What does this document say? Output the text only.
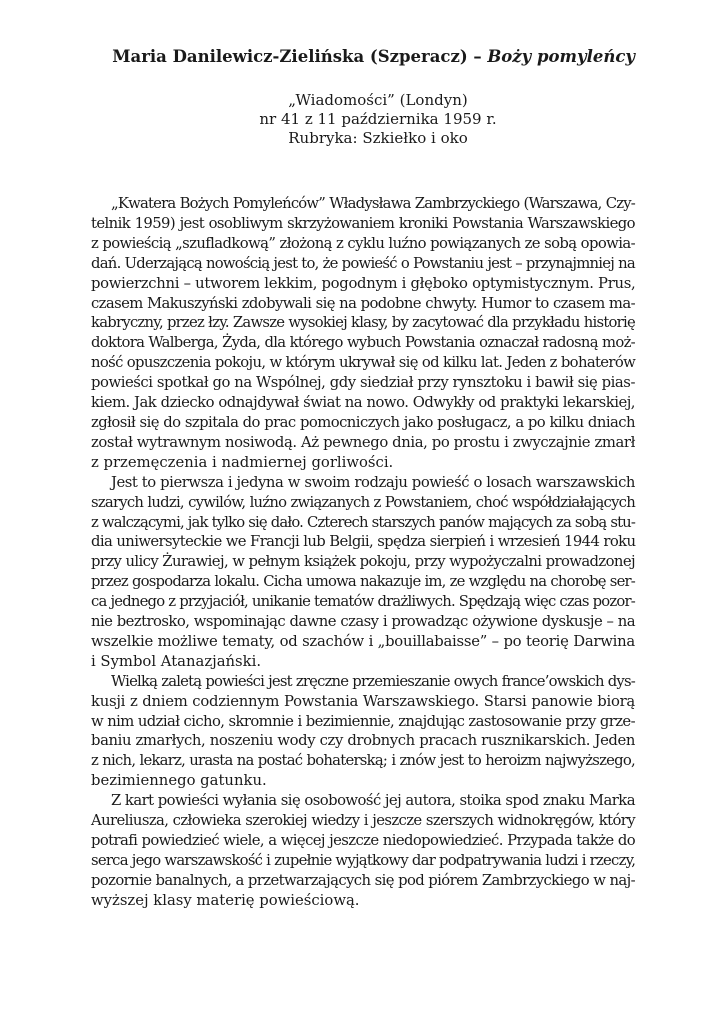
Maria Danilewicz-Zielińska (Szperacz) – Boży pomyleńcy
„Wiadomości” (Londyn)
nr 41 z 11 października 1959 r.
Rubryka: Szkiełko i oko

„Kwatera Bożych Pomyleńców” Władysława Zambrzyckiego (Warszawa, Czy-
telnik 1959) jest osobliwym skrzyżowaniem kroniki Powstania Warszawskiego
z powieścią „szufladkową” złożoną z cyklu luźno powiązanych ze sobą opowia-
dań. Uderzającą nowością jest to, że powieść o Powstaniu jest – przynajmniej na
powierzchni – utworem lekkim, pogodnym i głęboko optymistycznym. Prus,
czasem Makuszyński zdobywali się na podobne chwyty. Humor to czasem ma-
kabryczny, przez łzy. Zawsze wysokiej klasy, by zacytować dla przykładu historię
doktora Walberga, Żyda, dla którego wybuch Powstania oznaczał radosną moż-
ność opuszczenia pokoju, w którym ukrywał się od kilku lat. Jeden z bohaterów
powieści spotkał go na Wspólnej, gdy siedział przy rynsztoku i bawił się pias-
kiem. Jak dziecko odnajdywał świat na nowo. Odwykły od praktyki lekarskiej,
zgłosił się do szpitala do prac pomocniczych jako posługacz, a po kilku dniach
został wytrawnym nosiwodą. Aż pewnego dnia, po prostu i zwyczajnie zmarł
z przemęczenia i nadmiernej gorliwości.

Jest to pierwsza i jedyna w swoim rodzaju powieść o losach warszawskich
szarych ludzi, cywilów, luźno związanych z Powstaniem, choć współdziałających
z walczącymi, jak tylko się dało. Czterech starszych panów mających za sobą stu-
dia uniwersyteckie we Francji lub Belgii, spędza sierpień i wrzesień 1944 roku
przy ulicy Żurawiej, w pełnym książek pokoju, przy wypożyczalni prowadzonej
przez gospodarza lokalu. Cicha umowa nakazuje im, ze względu na chorobę ser-
ca jednego z przyjaciół, unikanie tematów drażliwych. Spędzają więc czas pozor-
nie beztrosko, wspominając dawne czasy i prowadząc ożywione dyskusje – na
wszelkie możliwe tematy, od szachów i „bouillabaisse” – po teorię Darwina
i Symbol Atanazjański.

Wielką zaletą powieści jest zręczne przemieszanie owych france’owskich dys-
kusji z dniem codziennym Powstania Warszawskiego. Starsi panowie biorą
w nim udział cicho, skromnie i bezimiennie, znajdując zastosowanie przy grze-
baniu zmarłych, noszeniu wody czy drobnych pracach rusznikarskich. Jeden
z nich, lekarz, urasta na postać bohaterską; i znów jest to heroizm najwyższego,
bezimiennego gatunku.

Z kart powieści wyłania się osobowość jej autora, stoika spod znaku Marka
Aureliusza, człowieka szerokiej wiedzy i jeszcze szerszych widnokręgów, który
potrafi powiedzieć wiele, a więcej jeszcze niedopowiedzieć. Przypada także do
serca jego warszawskość i zupełnie wyjątkowy dar podpatrywania ludzi i rzeczy,
pozornie banalnych, a przetwarzających się pod piórem Zambrzyckiego w naj-
wyższej klasy materię powieściową.
